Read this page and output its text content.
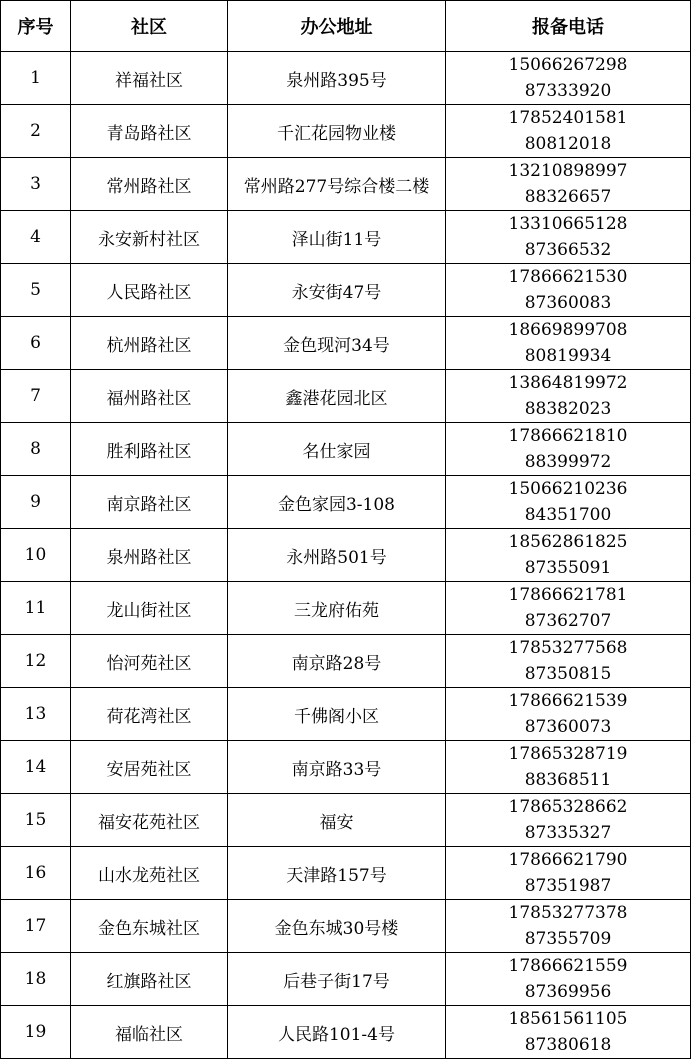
序号	社区	办公地址	报备电话
1	祥福社区	泉州路395号	15066267298
87333920

2	青岛路社区	千汇花园物业楼	17852401581
80812018

3	常州路社区	常州路277号综合楼二楼	13210898997
88326657

4	永安新村社区	泽山街11号	13310665128
87366532

5	人民路社区	永安街47号	17866621530
87360083

6	杭州路社区	金色现河34号	18669899708
80819934

7	福州路社区	鑫港花园北区	13864819972
88382023

8	胜利路社区	名仕家园	17866621810
88399972

9	南京路社区	金色家园3-108	15066210236
84351700

10	泉州路社区	永州路501号	18562861825
87355091

11	龙山街社区	三龙府佑苑	17866621781
87362707

12	怡河苑社区	南京路28号	17853277568
87350815

13	荷花湾社区	千佛阁小区	17866621539
87360073

14	安居苑社区	南京路33号	17865328719
88368511

15	福安花苑社区	福安	17865328662
87335327

16	山水龙苑社区	天津路157号	17866621790
87351987

17	金色东城社区	金色东城30号楼	17853277378
87355709

18	红旗路社区	后巷子街17号	17866621559
87369956

19	福临社区	人民路101-4号	18561561105
87380618
